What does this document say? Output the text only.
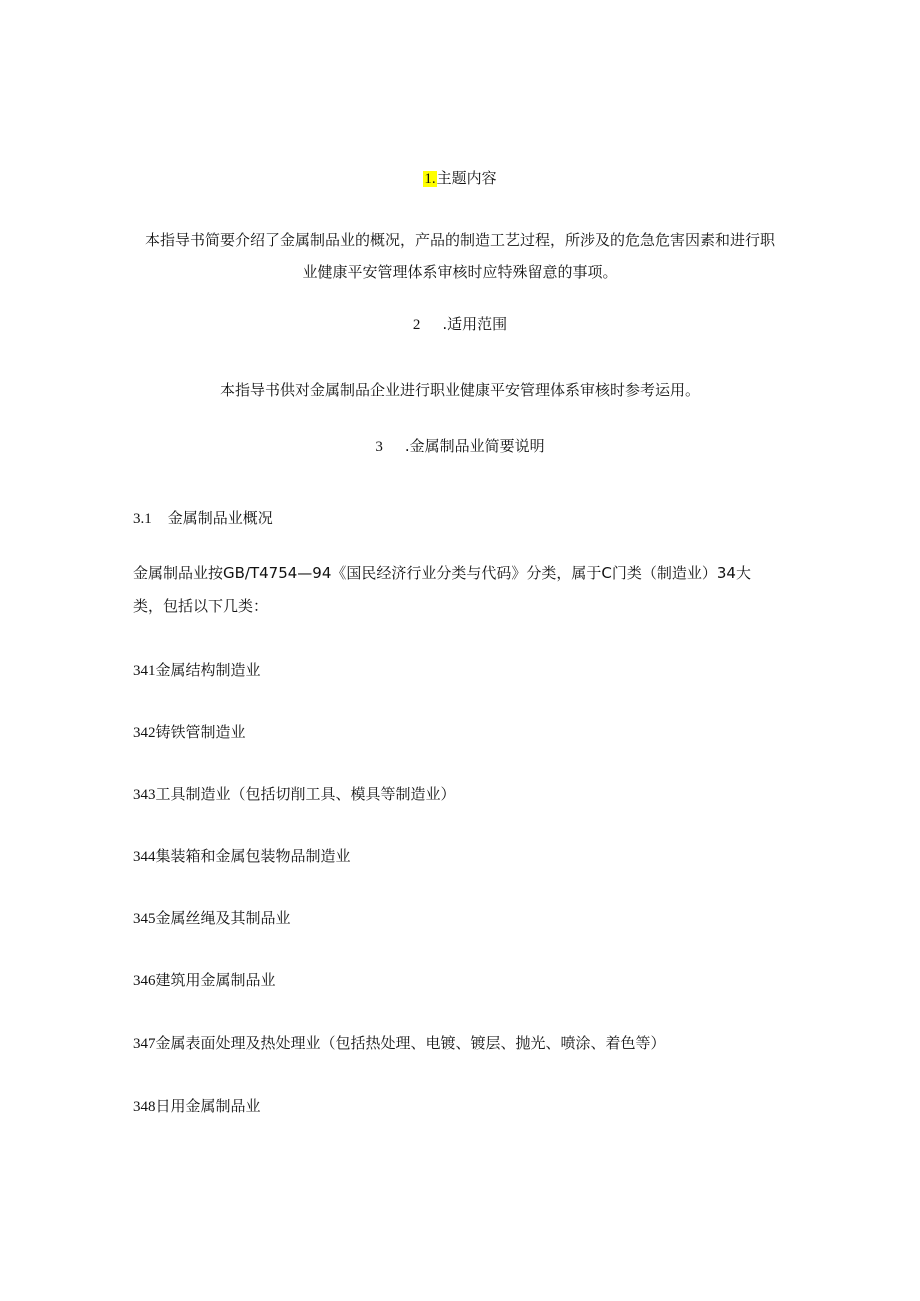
1.主题内容
本指导书简要介绍了金属制品业的概况，产品的制造工艺过程，所涉及的危急危害因素和进行职
业健康平安管理体系审核时应特殊留意的事项。
2 .适用范围
本指导书供对金属制品企业进行职业健康平安管理体系审核时参考运用。
3 .金属制品业简要说明
3.1 金属制品业概况
金属制品业按GB/T4754—94《国民经济行业分类与代码》分类，属于C门类（制造业）34大
类，包括以下几类：
341金属结构制造业
342铸铁管制造业
343工具制造业（包括切削工具、模具等制造业）
344集装箱和金属包装物品制造业
345金属丝绳及其制品业
346建筑用金属制品业
347金属表面处理及热处理业（包括热处理、电镀、镀层、抛光、喷涂、着色等）
348日用金属制品业
